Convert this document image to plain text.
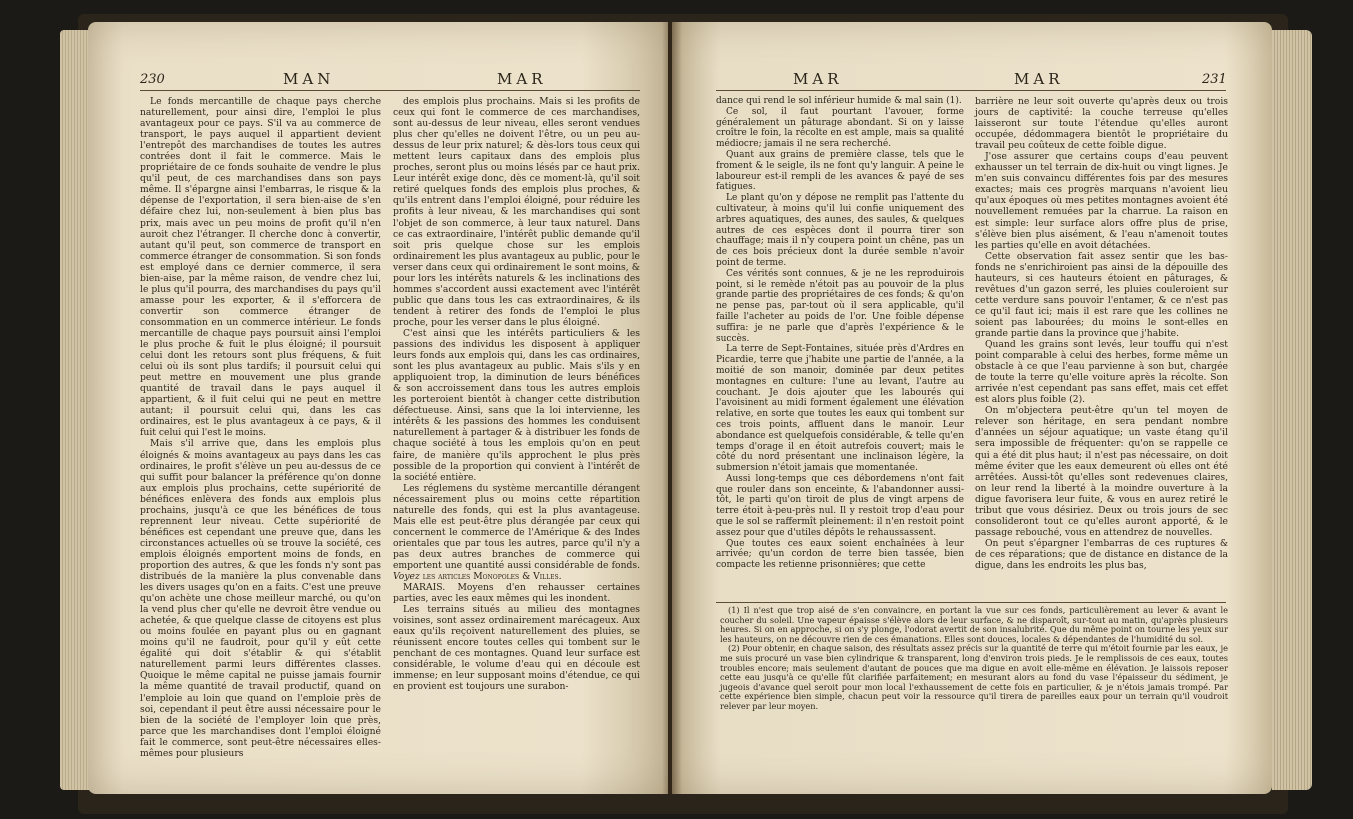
230	MAN	MAR	MAR	MAR	231

Le fonds mercantille de chaque pays cherche naturellement, pour ainsi dire, l'emploi le plus avantageux pour ce pays. S'il va au commerce de transport, le pays auquel il appartient devient l'entrepôt des marchandises de toutes les autres contrées dont il fait le commerce. Mais le propriétaire de ce fonds souhaite de vendre le plus qu'il peut, de ces marchandises dans son pays même. Il s'épargne ainsi l'embarras, le risque & la dépense de l'exportation, il sera bien-aise de s'en défaire chez lui, non-seulement à bien plus bas prix, mais avec un peu moins de profit qu'il n'en auroit chez l'étranger. Il cherche donc à convertir, autant qu'il peut, son commerce de transport en commerce étranger de consommation. Si son fonds est employé dans ce dernier commerce, il sera bien-aise, par la même raison, de vendre chez lui, le plus qu'il pourra, des marchandises du pays qu'il amasse pour les exporter, & il s'efforcera de convertir son commerce étranger de consommation en un commerce intérieur. Le fonds mercantille de chaque pays poursuit ainsi l'emploi le plus proche & fuit le plus éloigné; il poursuit celui dont les retours sont plus fréquens, & fuit celui où ils sont plus tardifs; il poursuit celui qui peut mettre en mouvement une plus grande quantité de travail dans le pays auquel il appartient, & il fuit celui qui ne peut en mettre autant; il poursuit celui qui, dans les cas ordinaires, est le plus avantageux à ce pays, & il fuit celui qui l'est le moins.

Mais s'il arrive que, dans les emplois plus éloignés & moins avantageux au pays dans les cas ordinaires, le profit s'élève un peu au-dessus de ce qui suffit pour balancer la préférence qu'on donne aux emplois plus prochains, cette supériorité de bénéfices enlèvera des fonds aux emplois plus prochains, jusqu'à ce que les bénéfices de tous reprennent leur niveau. Cette supériorité de bénéfices est cependant une preuve que, dans les circonstances actuelles où se trouve la société, ces emplois éloignés emportent moins de fonds, en proportion des autres, & que les fonds n'y sont pas distribués de la manière la plus convenable dans les divers usages qu'on en a faits. C'est une preuve qu'on achète une chose meilleur marché, ou qu'on la vend plus cher qu'elle ne devroit être vendue ou achetée, & que quelque classe de citoyens est plus ou moins foulée en payant plus ou en gagnant moins qu'il ne faudroit, pour qu'il y eût cette égalité qui doit s'établir & qui s'établit naturellement parmi leurs différentes classes. Quoique le même capital ne puisse jamais fournir la même quantité de travail productif, quand on l'emploie au loin que quand on l'emploie près de soi, cependant il peut être aussi nécessaire pour le bien de la société de l'employer loin que près, parce que les marchandises dont l'emploi éloigné fait le commerce, sont peut-être nécessaires elles-mêmes pour plusieurs

des emplois plus prochains. Mais si les profits de ceux qui font le commerce de ces marchandises, sont au-dessus de leur niveau, elles seront vendues plus cher qu'elles ne doivent l'être, ou un peu au-dessus de leur prix naturel; & dès-lors tous ceux qui mettent leurs capitaux dans des emplois plus proches, seront plus ou moins lésés par ce haut prix. Leur intérêt exige donc, dès ce moment-là, qu'il soit retiré quelques fonds des emplois plus proches, & qu'ils entrent dans l'emploi éloigné, pour réduire les profits à leur niveau, & les marchandises qui sont l'objet de son commerce, à leur taux naturel. Dans ce cas extraordinaire, l'intérêt public demande qu'il soit pris quelque chose sur les emplois ordinairement les plus avantageux au public, pour le verser dans ceux qui ordinairement le sont moins, & pour lors les intérêts naturels & les inclinations des hommes s'accordent aussi exactement avec l'intérêt public que dans tous les cas extraordinaires, & ils tendent à retirer des fonds de l'emploi le plus proche, pour les verser dans le plus éloigné.

C'est ainsi que les intérêts particuliers & les passions des individus les disposent à appliquer leurs fonds aux emplois qui, dans les cas ordinaires, sont les plus avantageux au public. Mais s'ils y en appliquoient trop, la diminution de leurs bénéfices & son accroissement dans tous les autres emplois les porteroient bientôt à changer cette distribution défectueuse. Ainsi, sans que la loi intervienne, les intérêts & les passions des hommes les conduisent naturellement à partager & à distribuer les fonds de chaque société à tous les emplois qu'on en peut faire, de manière qu'ils approchent le plus près possible de la proportion qui convient à l'intérêt de la société entière.

Les réglemens du système mercantille dérangent nécessairement plus ou moins cette répartition naturelle des fonds, qui est la plus avantageuse. Mais elle est peut-être plus dérangée par ceux qui concernent le commerce de l'Amérique & des Indes orientales que par tous les autres, parce qu'il n'y a pas deux autres branches de commerce qui emportent une quantité aussi considérable de fonds. Voyez les articles Monopoles & Villes.

MARAIS. Moyens d'en rehausser certaines parties, avec les eaux mêmes qui les inondent.

Les terrains situés au milieu des montagnes voisines, sont assez ordinairement marécageux. Aux eaux qu'ils reçoivent naturellement des pluies, se réunissent encore toutes celles qui tombent sur le penchant de ces montagnes. Quand leur surface est considérable, le volume d'eau qui en découle est immense; en leur supposant moins d'étendue, ce qui en provient est toujours une surabon-

dance qui rend le sol inférieur humide & mal sain (1).

Ce sol, il faut pourtant l'avouer, forme généralement un pâturage abondant. Si on y laisse croître le foin, la récolte en est ample, mais sa qualité médiocre; jamais il ne sera recherché.

Quant aux grains de première classe, tels que le froment & le seigle, ils ne font qu'y languir. A peine le laboureur est-il rempli de les avances & payé de ses fatigues.

Le plant qu'on y dépose ne remplit pas l'attente du cultivateur, à moins qu'il lui confie uniquement des arbres aquatiques, des aunes, des saules, & quelques autres de ces espèces dont il pourra tirer son chauffage; mais il n'y coupera point un chêne, pas un de ces bois précieux dont la durée semble n'avoir point de terme.

Ces vérités sont connues, & je ne les reproduirois point, si le remède n'étoit pas au pouvoir de la plus grande partie des propriétaires de ces fonds; & qu'on ne pense pas, par-tout où il sera applicable, qu'il faille l'acheter au poids de l'or. Une foible dépense suffira: je ne parle que d'après l'expérience & le succès.

La terre de Sept-Fontaines, située près d'Ardres en Picardie, terre que j'habite une partie de l'année, a la moitié de son manoir, dominée par deux petites montagnes en culture: l'une au levant, l'autre au couchant. Je dois ajouter que les labourés qui l'avoisinent au midi forment également une élévation relative, en sorte que toutes les eaux qui tombent sur ces trois points, affluent dans le manoir. Leur abondance est quelquefois considérable, & telle qu'en temps d'orage il en étoit autrefois couvert; mais le côté du nord présentant une inclinaison légère, la submersion n'étoit jamais que momentanée.

Aussi long-temps que ces débordemens n'ont fait que rouler dans son enceinte, & l'abandonner aussi-tôt, le parti qu'on tiroit de plus de vingt arpens de terre étoit à-peu-près nul. Il y restoit trop d'eau pour que le sol se raffermît pleinement: il n'en restoit point assez pour que d'utiles dépôts le rehaussassent.

Que toutes ces eaux soient enchaînées à leur arrivée; qu'un cordon de terre bien tassée, bien compacte les retienne prisonnières; que cette

barrière ne leur soit ouverte qu'après deux ou trois jours de captivité: la couche terreuse qu'elles laisseront sur toute l'étendue qu'elles auront occupée, dédommagera bientôt le propriétaire du travail peu coûteux de cette foible digue.

J'ose assurer que certains coups d'eau peuvent exhausser un tel terrain de dix-huit ou vingt lignes. Je m'en suis convaincu différentes fois par des mesures exactes; mais ces progrès marquans n'avoient lieu qu'aux époques où mes petites montagnes avoient été nouvellement remuées par la charrue. La raison en est simple: leur surface alors offre plus de prise, s'élève bien plus aisément, & l'eau n'amenoit toutes les parties qu'elle en avoit détachées.

Cette observation fait assez sentir que les bas-fonds ne s'enrichiroient pas ainsi de la dépouille des hauteurs, si ces hauteurs étoient en pâturages, & revêtues d'un gazon serré, les pluies couleroient sur cette verdure sans pouvoir l'entamer, & ce n'est pas ce qu'il faut ici; mais il est rare que les collines ne soient pas labourées; du moins le sont-elles en grande partie dans la province que j'habite.

Quand les grains sont levés, leur touffu qui n'est point comparable à celui des herbes, forme même un obstacle à ce que l'eau parvienne à son but, chargée de toute la terre qu'elle voiture après la récolte. Son arrivée n'est cependant pas sans effet, mais cet effet est alors plus foible (2).

On m'objectera peut-être qu'un tel moyen de relever son héritage, en sera pendant nombre d'années un séjour aquatique; un vaste étang qu'il sera impossible de fréquenter: qu'on se rappelle ce qui a été dit plus haut; il n'est pas nécessaire, on doit même éviter que les eaux demeurent où elles ont été arrêtées. Aussi-tôt qu'elles sont redevenues claires, on leur rend la liberté à la moindre ouverture à la digue favorisera leur fuite, & vous en aurez retiré le tribut que vous désiriez. Deux ou trois jours de sec consolideront tout ce qu'elles auront apporté, & le passage rebouché, vous en attendrez de nouvelles.

On peut s'épargner l'embarras de ces ruptures & de ces réparations; que de distance en distance de la digue, dans les endroits les plus bas,

(1) Il n'est que trop aisé de s'en convaincre, en portant la vue sur ces fonds, particulièrement au lever & avant le coucher du soleil. Une vapeur épaisse s'élève alors de leur surface, & ne disparoît, sur-tout au matin, qu'après plusieurs heures. Si on en approche, si on s'y plonge, l'odorat avertit de son insalubrité. Que du même point on tourne les yeux sur les hauteurs, on ne découvre rien de ces émanations. Elles sont douces, locales & dépendantes de l'humidité du sol.

(2) Pour obtenir, en chaque saison, des résultats assez précis sur la quantité de terre qui m'étoit fournie par les eaux, je me suis procuré un vase bien cylindrique & transparent, long d'environ trois pieds. Je le remplissois de ces eaux, toutes troubles encore; mais seulement d'autant de pouces que ma digue en avoit elle-même en élévation. Je laissois reposer cette eau jusqu'à ce qu'elle fût clarifiée parfaitement; en mesurant alors au fond du vase l'épaisseur du sédiment, je jugeois d'avance quel seroit pour mon local l'exhaussement de cette fois en particulier, & je n'étois jamais trompé. Par cette expérience bien simple, chacun peut voir la ressource qu'il tirera de pareilles eaux pour un terrain qu'il voudroit relever par leur moyen.
